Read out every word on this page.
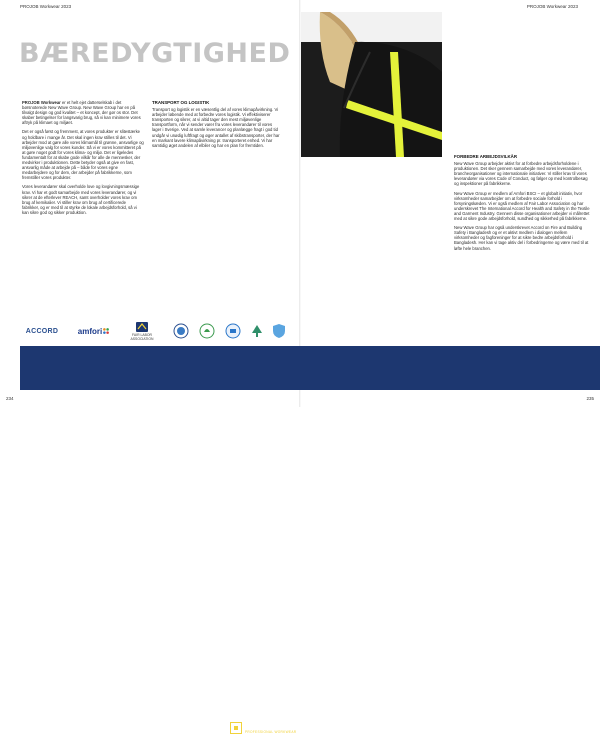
PROJOB Workwear 2023
BÆREDYGTIGHED

PROJOB Workwear er et helt ejet datterselskab i det børsnoterede New Wave Group. New Wave Group har en på tilvalgt design og god kvalitet – et koncept, der gør os stor. Det skaber betingelser for langsvarig brug, så vi kan minimere vores aftryk på klimaet og miljøet.

Det er også først og fremmest, at vores produkter er slitestærke og holdbare i mange år. Det skal ingen krav stilles til det. Vi arbejder mod at gøre alle vores klimamål til grønne, ansvarlige og miljøvenlige valg for vores kunder. Så vi er vores kommitteret på at gøre noget godt for vores klima- og miljø. Det er ligeledes fundamentalt for at skabe gode vilkår for alle de mennesker, der medvirker i produktionen. Dette betyder også at give en fast, ansvarlig måde at arbejde på – både for vores egne medarbejdere og for dem, der arbejder på fabrikkerne, som fremstiller vores produkter.

Vores leverandører skal overholde love og lovgivningsmæssige krav. Vi har et godt samarbejde med vores leverandører, og vi sikrer at de efterlever REACH, samt overholder vores krav om brug af kemikalier. Vi stiller krav om brug af certificerede fabrikker, og er med til at styrke de lokale arbejdsforhold, så vi kan sikre god og sikker produktion.

TRANSPORT OG LOGISTIK

Transport og logistik er en væsentlig del af vores klimapåvirkning. Vi arbejder løbende med at forbedre vores logistik. Vi effektiviserer transporten og sikrer, at vi altid tager den mest miljøvenlige transportform, når vi sender varer fra vores leverandører til vores lager i Sverige. Ved at samle leverancer og planlægge fragt i god tid undgår vi unødig luftfragt og øger antallet af skibstransporter, der har en markant lavere klimapåvirkning pr. transporteret enhed. Vi har samtidig øget andelen af elbiler og har en plan for fremtiden.

ACCORD amfori	FAIR LABOR ASSOCIATION
PROJOB Workwear 2023
FORBEDRE ARBEJDSVILKÅR

New Wave Group arbejder aktivt for at forbedre arbejdsforholdene i produktionen. Det sker gennem samarbejde med vores leverandører, brancheorganisationer og internationale initiativer. Vi stiller krav til vores leverandører via vores Code of Conduct, og følger op med kontrolbesøg og inspektioner på fabrikkerne.

New Wave Group er medlem af Amfori BSCI – et globalt initiativ, hvor virksomheder samarbejder om at forbedre sociale forhold i forsyningskæden. Vi er også medlem af Fair Labor Association og har underskrevet The International Accord for Health and Safety in the Textile and Garment Industry. Gennem disse organisationer arbejder vi målrettet med at sikre gode arbejdsforhold, sundhed og sikkerhed på fabrikkerne.

New Wave Group har også underskrevet Accord on Fire and Building Safety i Bangladesh og er et aktivt medlem i dialogen mellem virksomheder og fagforeninger for at sikre bedre arbejdsforhold i Bangladesh. Her kan vi tage aktiv del i forbedringerne og være med til at løfte hele branchen.

PROJOB
PROFESSIONAL WORKWEAR
234	235
